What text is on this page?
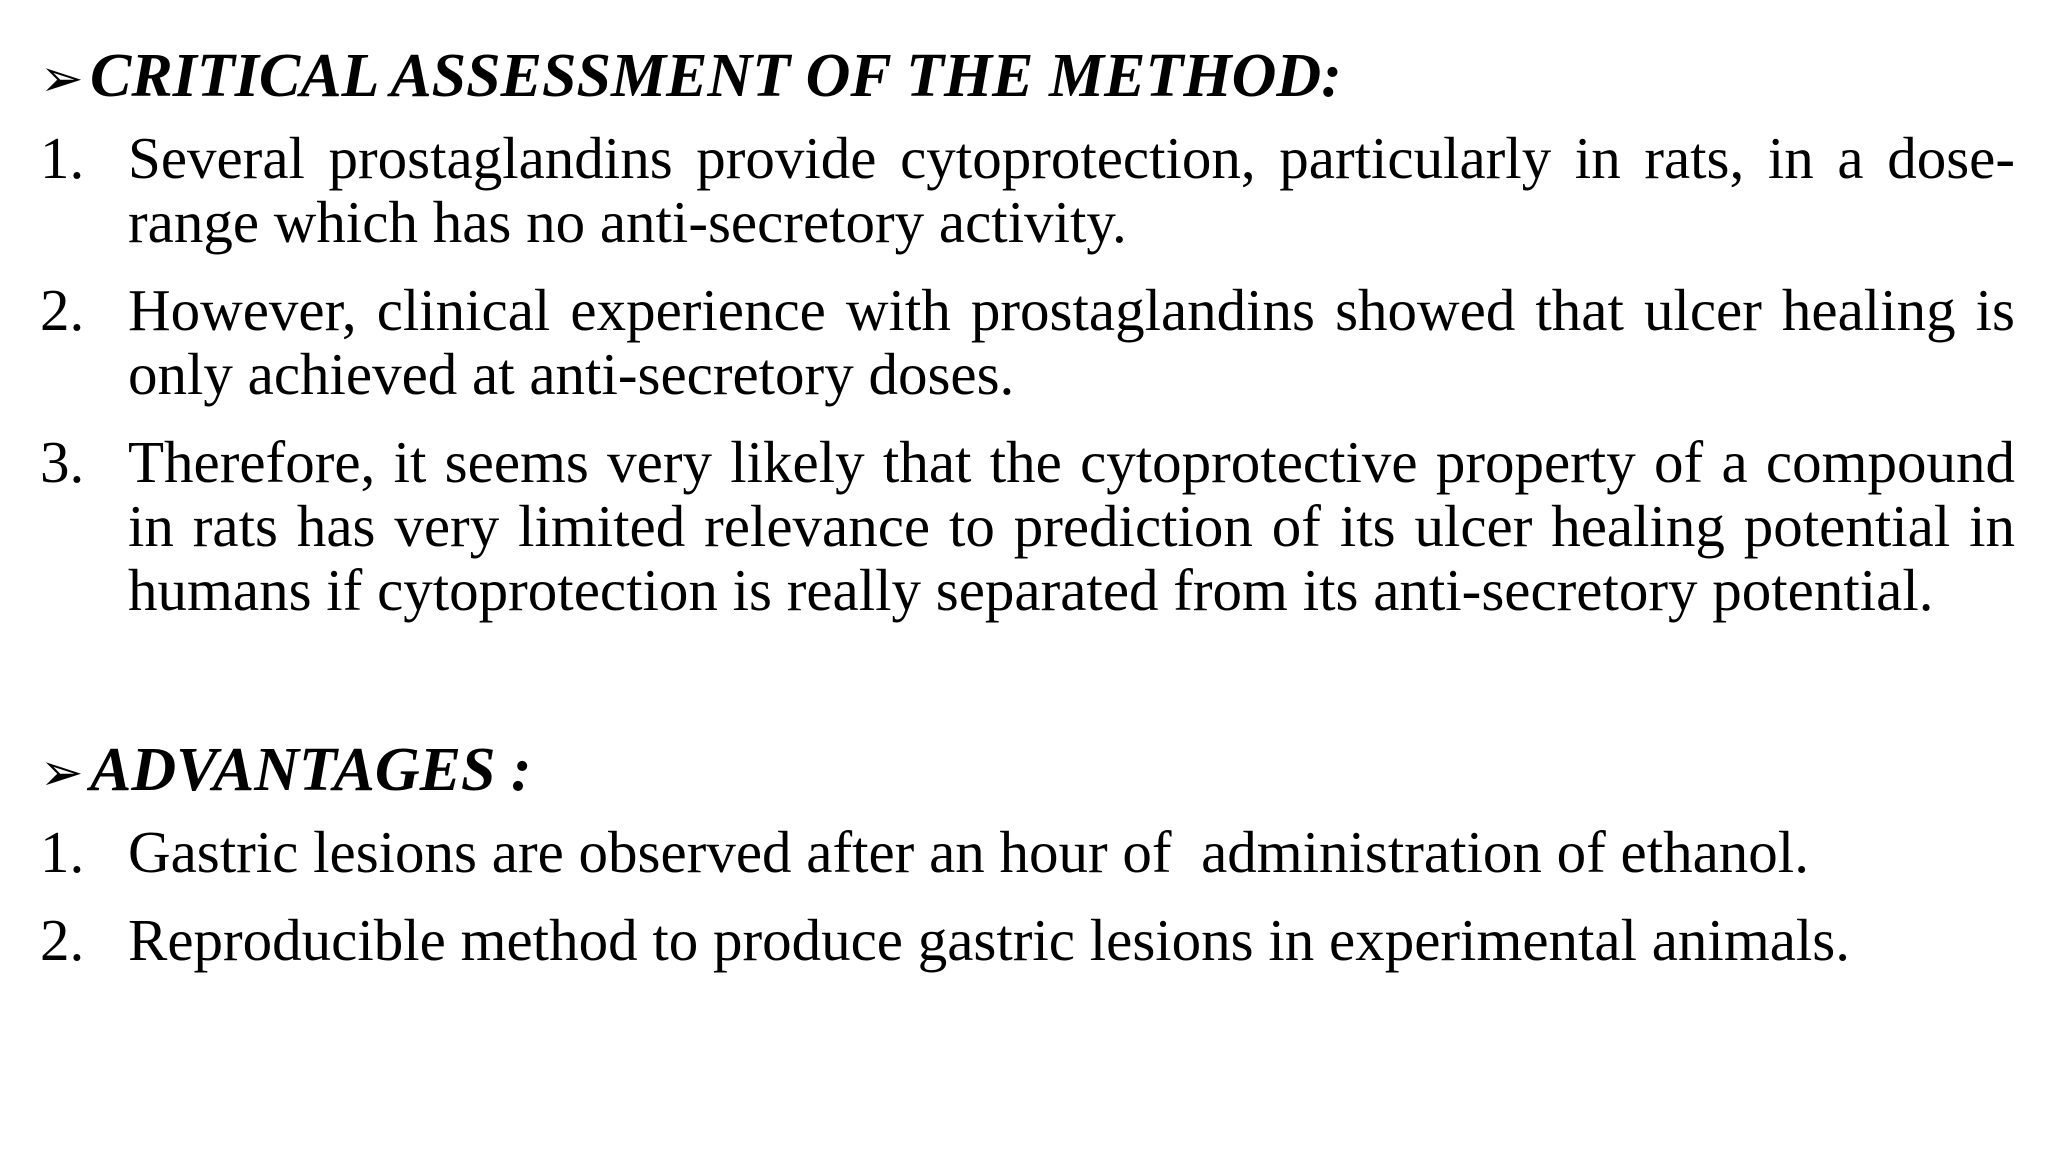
➢ CRITICAL ASSESSMENT OF THE METHOD:
1. Several prostaglandins provide cytoprotection, particularly in rats, in a dose-range which has no anti-secretory activity.
2. However, clinical experience with prostaglandins showed that ulcer healing is only achieved at anti-secretory doses.
3. Therefore, it seems very likely that the cytoprotective property of a compound in rats has very limited relevance to prediction of its ulcer healing potential in humans if cytoprotection is really separated from its anti-secretory potential.
➢ ADVANTAGES :
1. Gastric lesions are observed after an hour of  administration of ethanol.
2. Reproducible method to produce gastric lesions in experimental animals.
